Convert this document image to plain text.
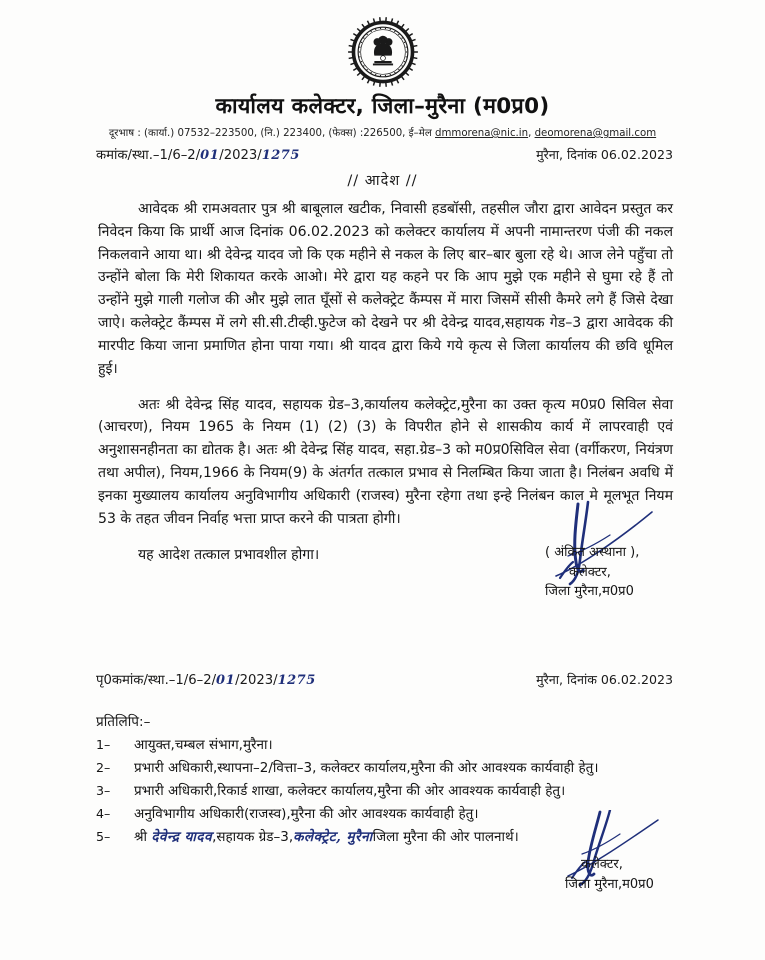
कार्यालय कलेक्टर, जिला–मुरैना (म0प्र0)
दूरभाष : (कार्या.) 07532–223500, (नि.) 223400, (फेक्स) :226500, ई–मेल dmmorena@nic.in, deomorena@gmail.com
कमांक/स्था.–1/6–2/01/2023/1275	मुरैना, दिनांक 06.02.2023
// आदेश //

आवेदक श्री रामअवतार पुत्र श्री बाबूलाल खटीक, निवासी हडबॉसी, तहसील जौरा द्वारा आवेदन प्रस्तुत कर निवेदन किया कि प्रार्थी आज दिनांक 06.02.2023 को कलेक्टर कार्यालय में अपनी नामान्तरण पंजी की नकल निकलवाने आया था। श्री देवेन्द्र यादव जो कि एक महीने से नकल के लिए बार–बार बुला रहे थे। आज लेने पहुँचा तो उन्होंने बोला कि मेरी शिकायत करके आओ। मेरे द्वारा यह कहने पर कि आप मुझे एक महीने से घुमा रहे हैं तो उन्होंने मुझे गाली गलोज की और मुझे लात घूँसों से कलेक्ट्रेट कैंम्पस में मारा जिसमें सीसी कैमरे लगे हैं जिसे देखा जाऐ। कलेक्ट्रेट कैंम्पस में लगे सी.सी.टीव्ही.फुटेज को देखने पर श्री देवेन्द्र यादव,सहायक गेड–3 द्वारा आवेदक की मारपीट किया जाना प्रमाणित होना पाया गया। श्री यादव द्वारा किये गये कृत्य से जिला कार्यालय की छवि धूमिल हुई।

अतः श्री देवेन्द्र सिंह यादव, सहायक ग्रेड–3,कार्यालय कलेक्ट्रेट,मुरैना का उक्त कृत्य म0प्र0 सिविल सेवा (आचरण), नियम 1965 के नियम (1) (2) (3) के विपरीत होने से शासकीय कार्य में लापरवाही एवं अनुशासनहीनता का द्योतक है। अतः श्री देवेन्द्र सिंह यादव, सहा.ग्रेड–3 को म0प्र0सिविल सेवा (वर्गीकरण, नियंत्रण तथा अपील), नियम,1966 के नियम(9) के अंतर्गत तत्काल प्रभाव से निलम्बित किया जाता है। निलंबन अवधि में इनका मुख्यालय कार्यालय अनुविभागीय अधिकारी (राजस्व) मुरैना रहेगा तथा इन्हे निलंबन काल मे मूलभूत नियम 53 के तहत जीवन निर्वाह भत्ता प्राप्त करने की पात्रता होगी।

यह आदेश तत्काल प्रभावशील होगा।	( अंकित अस्थाना ),
कलेक्टर,
जिला मुरैना,म0प्र0
पृ0कमांक/स्था.–1/6–2/01/2023/1275	मुरैना, दिनांक 06.02.2023
प्रतिलिपि:–
1–	आयुक्त,चम्बल संभाग,मुरैना।
2–	प्रभारी अधिकारी,स्थापना–2/वित्ता–3, कलेक्टर कार्यालय,मुरैना की ओर आवश्यक कार्यवाही हेतु।
3–	प्रभारी अधिकारी,रिकार्ड शाखा, कलेक्टर कार्यालय,मुरैना की ओर आवश्यक कार्यवाही हेतु।
4–	अनुविभागीय अधिकारी(राजस्व),मुरैना की ओर आवश्यक कार्यवाही हेतु।
5–	श्री देवेन्द्र यादव,सहायक ग्रेड–3,कलेक्ट्रेट, मुरैनाजिला मुरैना की ओर पालनार्थ।
कलेक्टर,
जिला मुरैना,म0प्र0
